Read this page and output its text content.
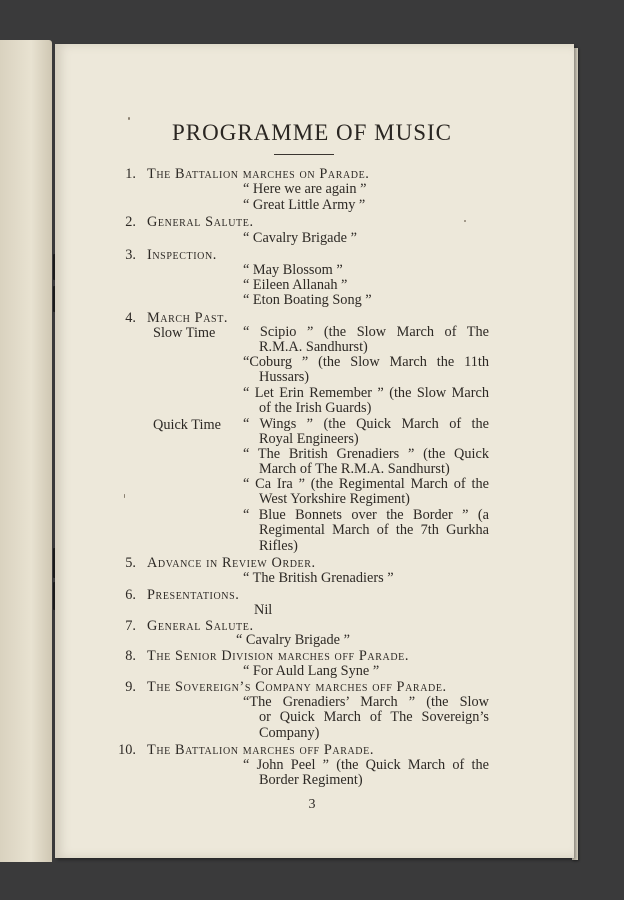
PROGRAMME OF MUSIC

1. The Battalion marches on Parade.

“ Here we are again ”

“ Great Little Army ”

2. General Salute.

“ Cavalry Brigade ”

3. Inspection.

“ May Blossom ”

“ Eileen Allanah ”

“ Eton Boating Song ”

4. March Past.

Slow Time “ Scipio ” (the Slow March of The
R.M.A. Sandhurst)
“Coburg ” (the Slow March the 11th
Hussars)
“ Let Erin Remember ” (the Slow March
of the Irish Guards)

Quick Time “ Wings ” (the Quick March of the
Royal Engineers)
“ The British Grenadiers ” (the Quick
March of The R.M.A. Sandhurst)
“ Ca Ira ” (the Regimental March of the
West Yorkshire Regiment)
“ Blue Bonnets over the Border ” (a
Regimental March of the 7th Gurkha
Rifles)

5. Advance in Review Order.

“ The British Grenadiers ”

6. Presentations.

Nil

7. General Salute.

“ Cavalry Brigade ”

8. The Senior Division marches off Parade.

“ For Auld Lang Syne ”

9. The Sovereign’s Company marches off Parade.

“The Grenadiers’ March ” (the Slow
or Quick March of The Sovereign’s
Company)

10. The Battalion marches off Parade.

“ John Peel ” (the Quick March of the
Border Regiment)

3
